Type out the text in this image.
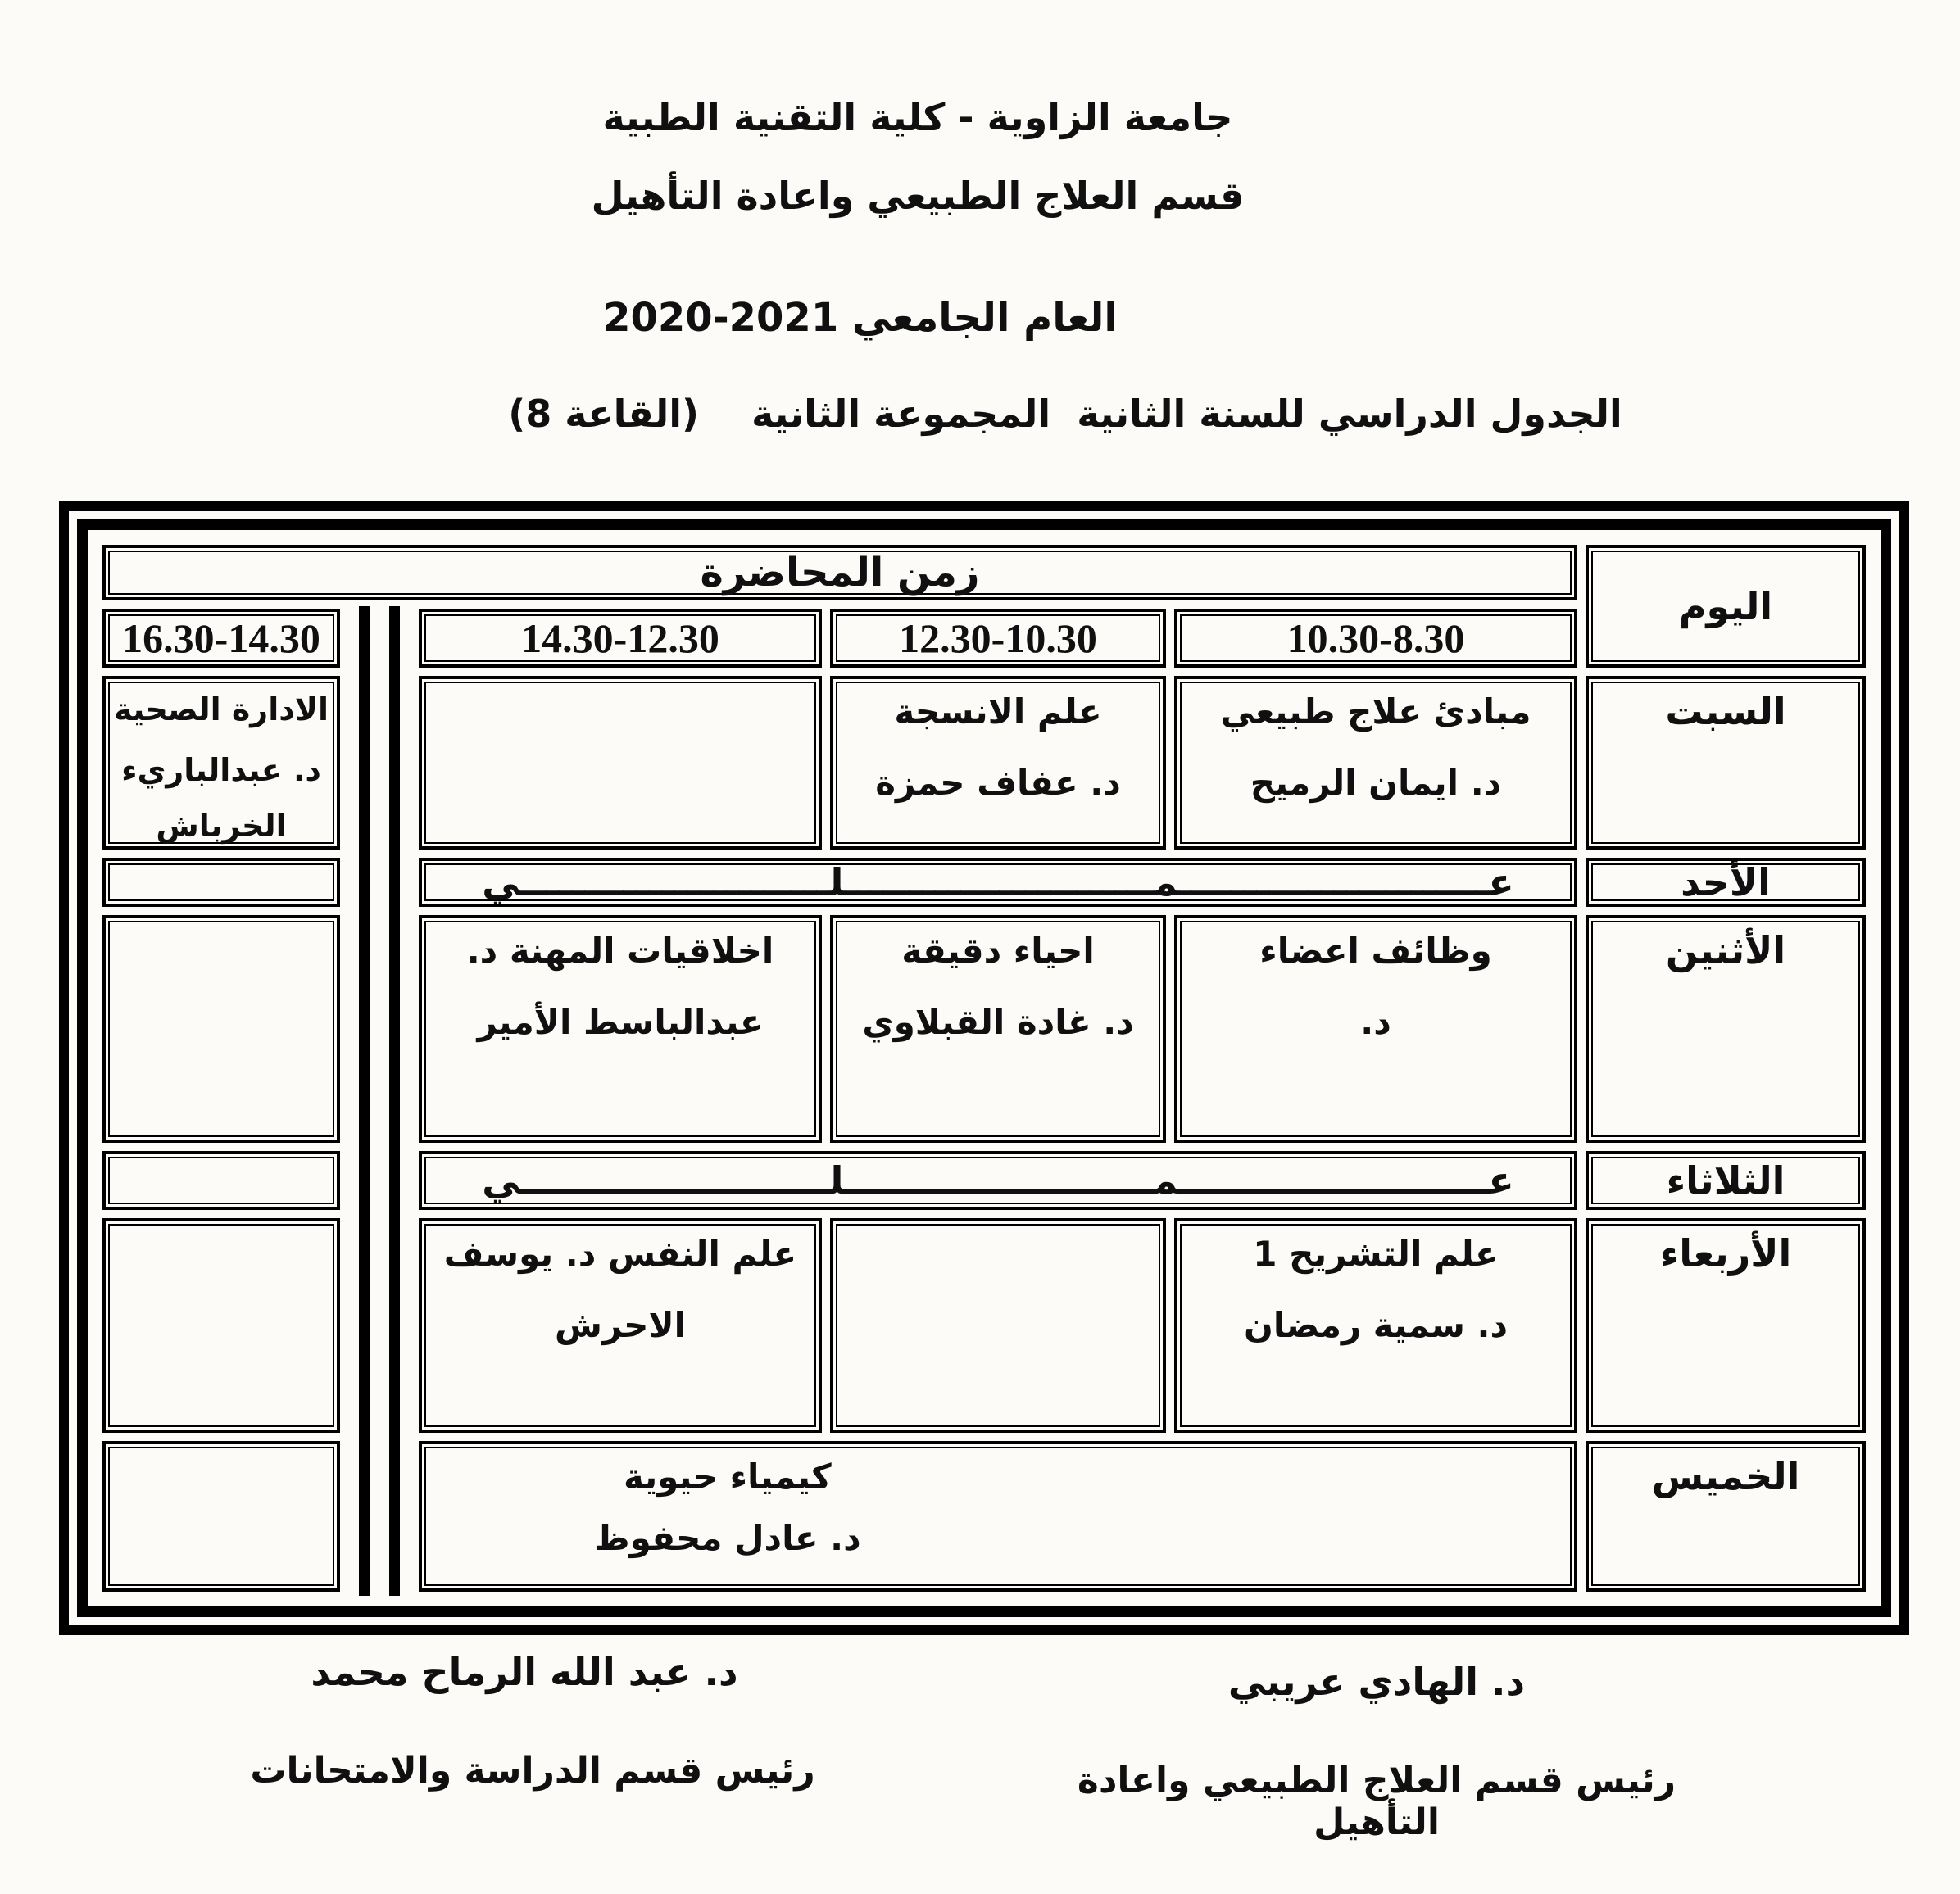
جامعة الزاوية - كلية التقنية الطبية
قسم العلاج الطبيعي واعادة التأهيل
العام الجامعي 2021-2020
الجدول الدراسي للسنة الثانية  المجموعة الثانية    (القاعة 8)
اليوم
زمن المحاضرة
10.30-8.30
12.30-10.30
14.30-12.30
16.30-14.30
السبت
مبادئ علاج طبيعي
د. ايمان الرميح
علم الانسجة
د. عفاف حمزة
الادارة الصحية
د. عبدالباريء
الخرباش
الأحد
عــــــــــــــــــــــــمــــــــــــــــــــــــلــــــــــــــــــــــــي
الأثنين
وظائف اعضاء
د.
احياء دقيقة
د. غادة القبلاوي
اخلاقيات المهنة د.
عبدالباسط الأمير
الثلاثاء
عــــــــــــــــــــــــمــــــــــــــــــــــــلــــــــــــــــــــــــي
الأربعاء
علم التشريح 1
د. سمية رمضان
علم النفس د. يوسف
الاحرش
الخميس
كيمياء حيوية
د. عادل محفوظ
د. الهادي عريبي
رئيس قسم العلاج الطبيعي واعادة التأهيل
د. عبد الله الرماح محمد
رئيس قسم الدراسة والامتحانات
